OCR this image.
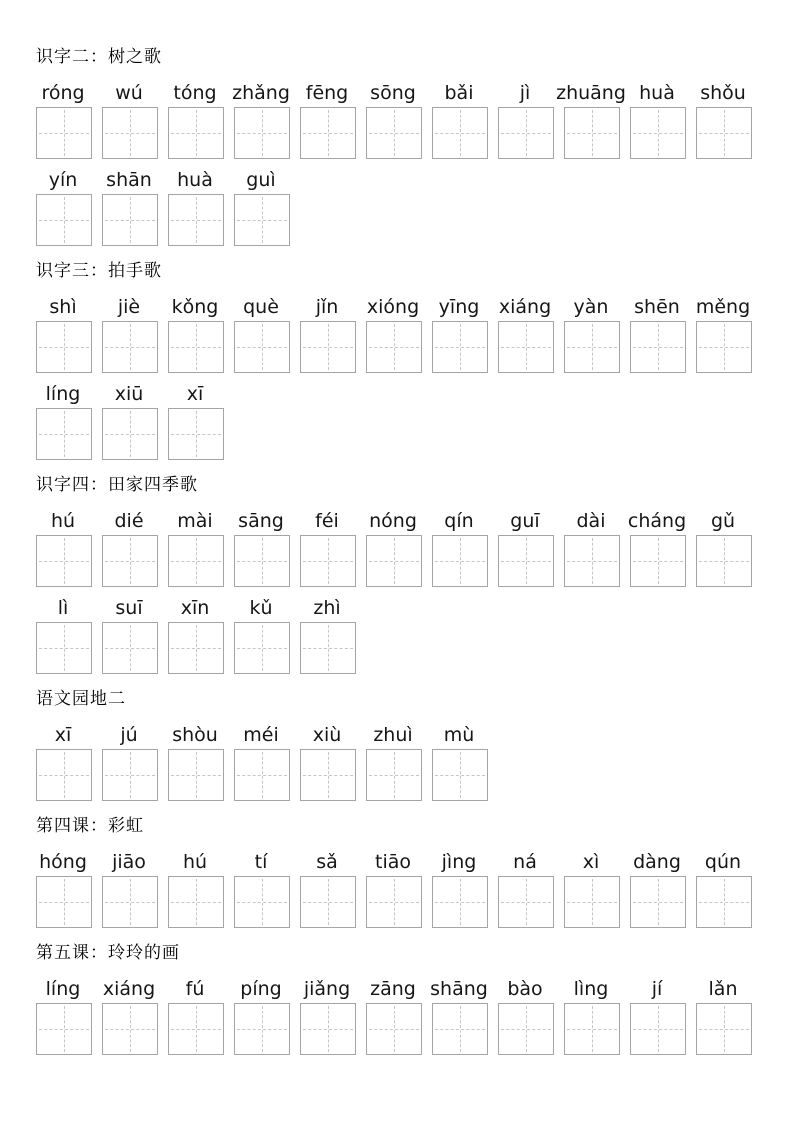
识字二：树之歌
róng	wú	tóng zhǎng fēng	sōng	bǎi	jì	zhuāng huà	shǒu
yín	shān	huà	guì
识字三：拍手歌
shì	jiè	kǒng	què	jǐn	xióng	yīng	xiáng	yàn	shēn měng
líng	xiū	xī
识字四：田家四季歌
hú	dié	mài	sāng	féi	nóng	qín	guī	dài	cháng	gǔ
lì	suī	xīn	kǔ	zhì
语文园地二
xī	jú	shòu	méi	xiù	zhuì	mù
第四课：彩虹
hóng	jiāo	hú	tí	sǎ	tiāo	jìng	ná	xì	dàng	qún
第五课：玲玲的画
líng	xiáng	fú	píng	jiǎng zāng shāng	bào	lìng	jí	lǎn
